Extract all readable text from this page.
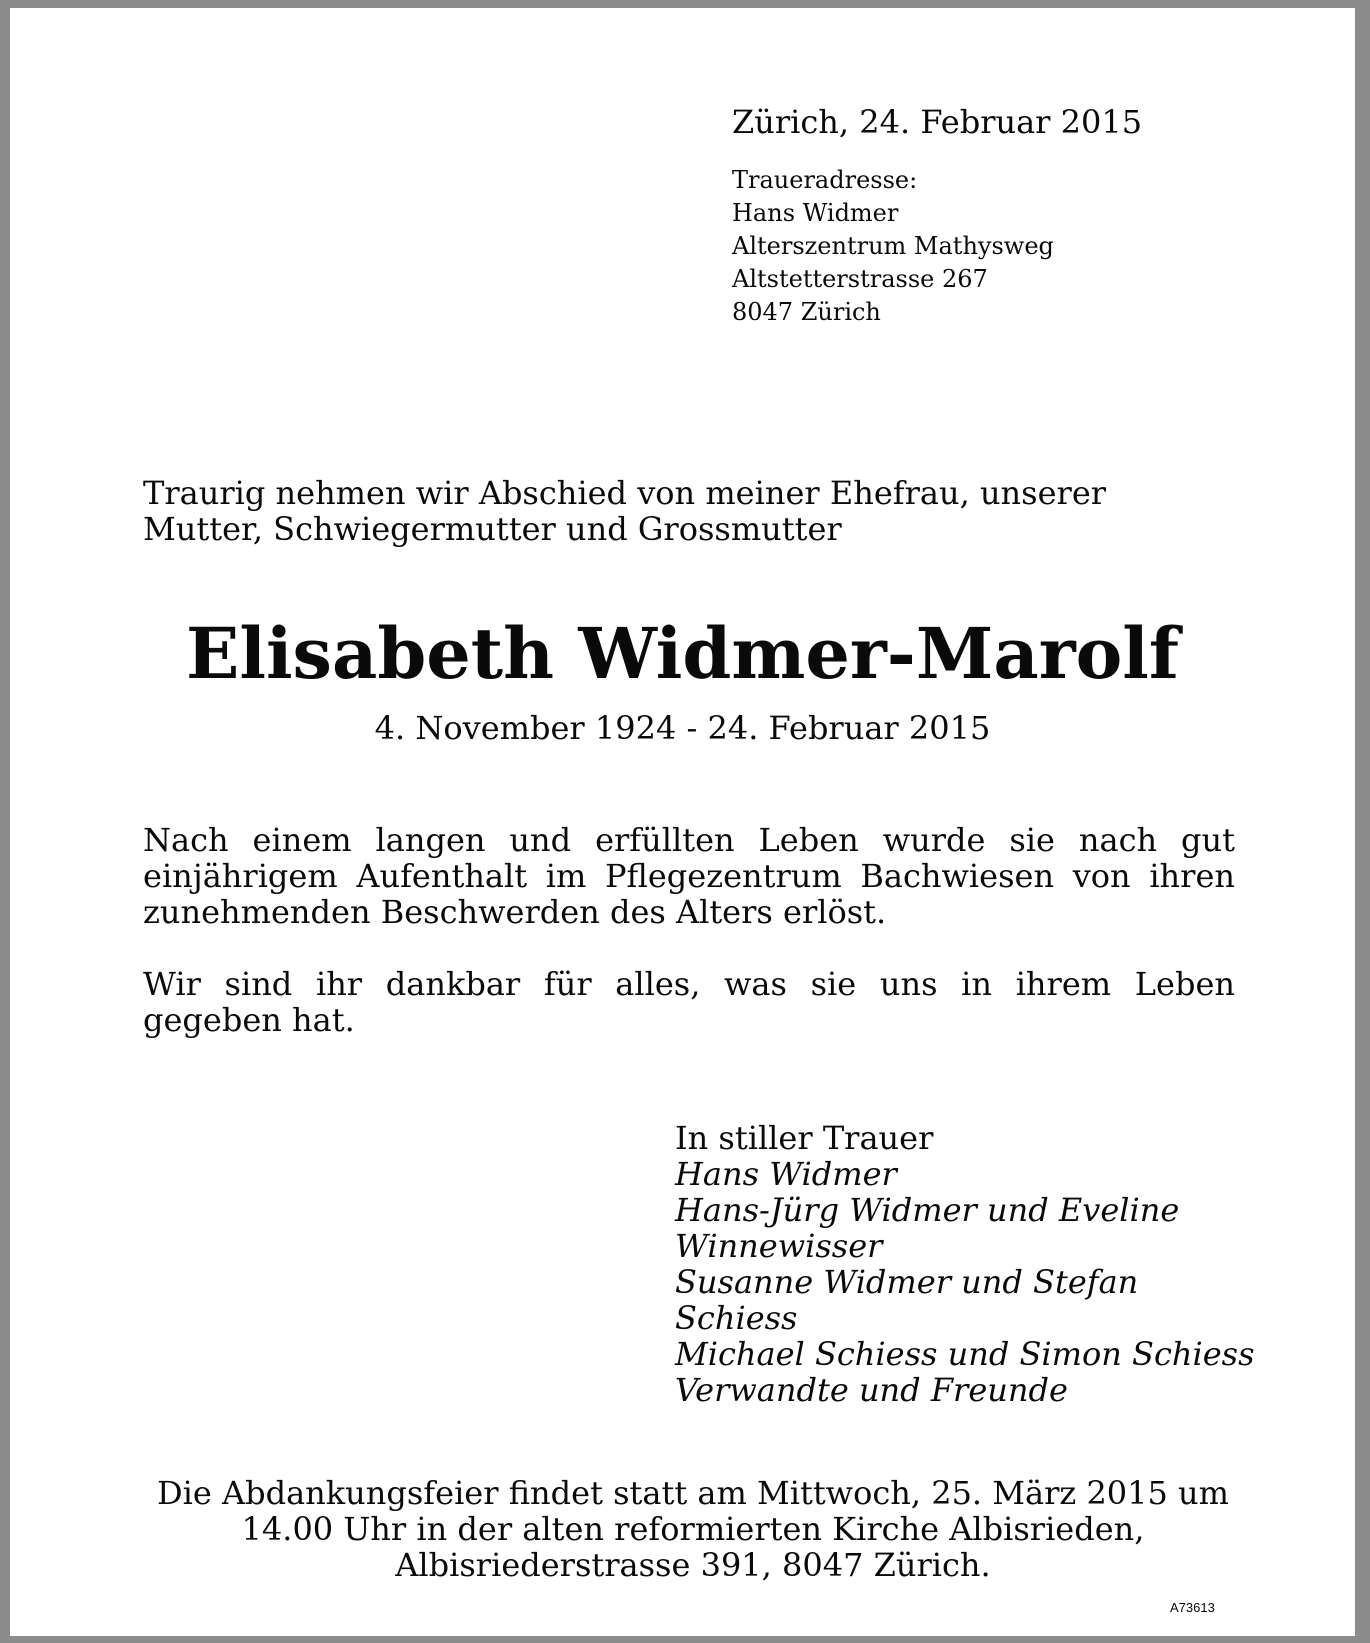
Zürich, 24. Februar 2015
Traueradresse:
Hans Widmer
Alterszentrum Mathysweg
Altstetterstrasse 267
8047 Zürich

Traurig nehmen wir Abschied von meiner Ehefrau, unserer Mutter, Schwiegermutter und Grossmutter

Elisabeth Widmer-Marolf
4. November 1924 - 24. Februar 2015

Nach einem langen und erfüllten Leben wurde sie nach gut einjährigem Aufenthalt im Pflegezentrum Bachwiesen von ihren zunehmenden Beschwerden des Alters erlöst.

Wir sind ihr dankbar für alles, was sie uns in ihrem Leben gegeben hat.

In stiller Trauer
Hans Widmer
Hans-Jürg Widmer und Eveline Winnewisser
Susanne Widmer und Stefan Schiess
Michael Schiess und Simon Schiess
Verwandte und Freunde

Die Abdankungsfeier findet statt am Mittwoch, 25. März 2015 um 14.00 Uhr in der alten reformierten Kirche Albisrieden, Albisriederstrasse 391, 8047 Zürich.

A73613
